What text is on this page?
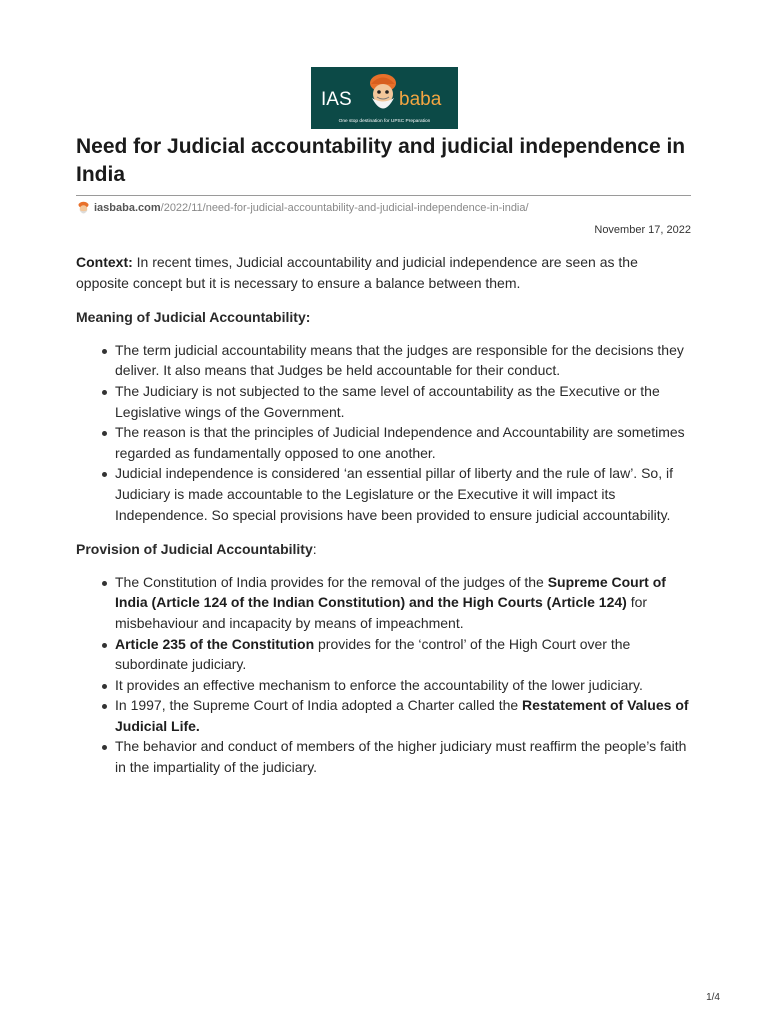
IAS baba
One stop destination for UPSC Preparation
Need for Judicial accountability and judicial independence in India
iasbaba.com/2022/11/need-for-judicial-accountability-and-judicial-independence-in-india/
November 17, 2022

Context: In recent times, Judicial accountability and judicial independence are seen as the opposite concept but it is necessary to ensure a balance between them.

Meaning of Judicial Accountability:

The term judicial accountability means that the judges are responsible for the decisions they deliver. It also means that Judges be held accountable for their conduct.
The Judiciary is not subjected to the same level of accountability as the Executive or the Legislative wings of the Government.
The reason is that the principles of Judicial Independence and Accountability are sometimes regarded as fundamentally opposed to one another.
Judicial independence is considered ‘an essential pillar of liberty and the rule of law’. So, if Judiciary is made accountable to the Legislature or the Executive it will impact its Independence. So special provisions have been provided to ensure judicial accountability.

Provision of Judicial Accountability:

The Constitution of India provides for the removal of the judges of the Supreme Court of India (Article 124 of the Indian Constitution) and the High Courts (Article 124) for misbehaviour and incapacity by means of impeachment.
Article 235 of the Constitution provides for the ‘control’ of the High Court over the subordinate judiciary.
It provides an effective mechanism to enforce the accountability of the lower judiciary.
In 1997, the Supreme Court of India adopted a Charter called the Restatement of Values of Judicial Life.
The behavior and conduct of members of the higher judiciary must reaffirm the people’s faith in the impartiality of the judiciary.
1/4
